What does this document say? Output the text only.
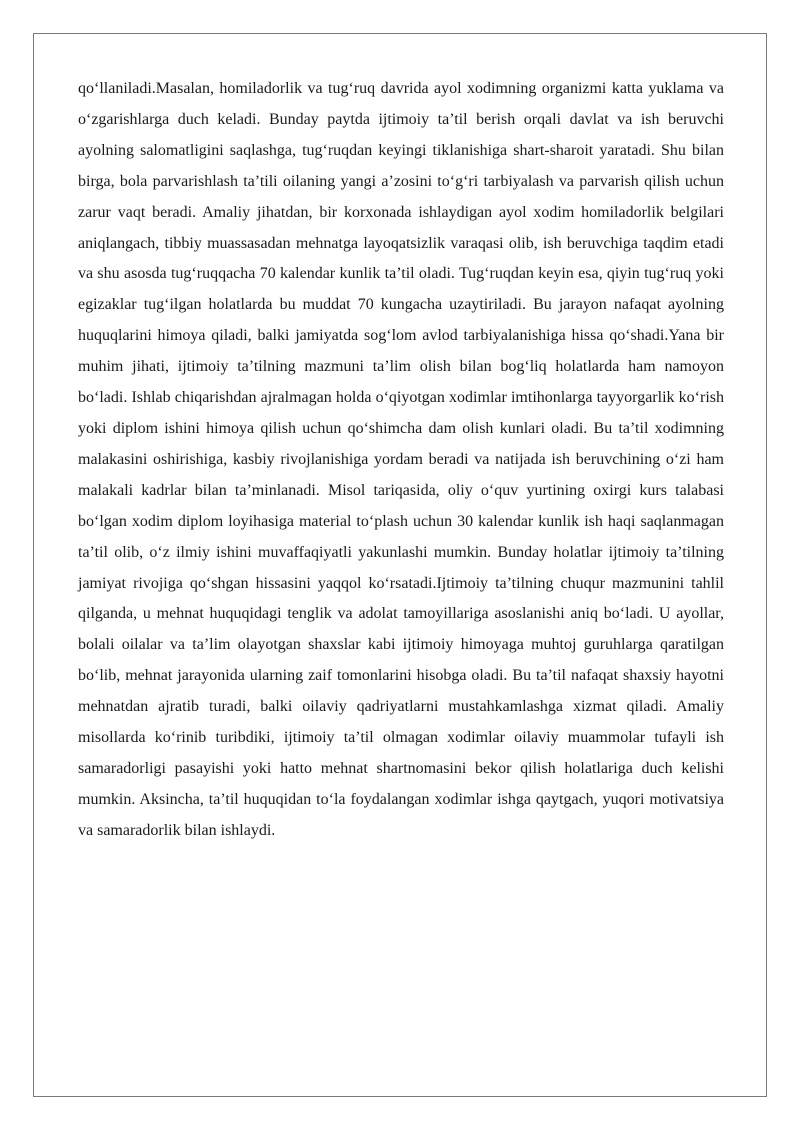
qo‘llaniladi.Masalan, homiladorlik va tug‘ruq davrida ayol xodimning organizmi katta yuklama va o‘zgarishlarga duch keladi. Bunday paytda ijtimoiy ta’til berish orqali davlat va ish beruvchi ayolning salomatligini saqlashga, tug‘ruqdan keyingi tiklanishiga shart-sharoit yaratadi. Shu bilan birga, bola parvarishlash ta’tili oilaning yangi a’zosini to‘g‘ri tarbiyalash va parvarish qilish uchun zarur vaqt beradi. Amaliy jihatdan, bir korxonada ishlaydigan ayol xodim homiladorlik belgilari aniqlangach, tibbiy muassasadan mehnatga layoqatsizlik varaqasi olib, ish beruvchiga taqdim etadi va shu asosda tug‘ruqqacha 70 kalendar kunlik ta’til oladi. Tug‘ruqdan keyin esa, qiyin tug‘ruq yoki egizaklar tug‘ilgan holatlarda bu muddat 70 kungacha uzaytiriladi. Bu jarayon nafaqat ayolning huquqlarini himoya qiladi, balki jamiyatda sog‘lom avlod tarbiyalanishiga hissa qo‘shadi.Yana bir muhim jihati, ijtimoiy ta’tilning mazmuni ta’lim olish bilan bog‘liq holatlarda ham namoyon bo‘ladi. Ishlab chiqarishdan ajralmagan holda o‘qiyotgan xodimlar imtihonlarga tayyorgarlik ko‘rish yoki diplom ishini himoya qilish uchun qo‘shimcha dam olish kunlari oladi. Bu ta’til xodimning malakasini oshirishiga, kasbiy rivojlanishiga yordam beradi va natijada ish beruvchining o‘zi ham malakali kadrlar bilan ta’minlanadi. Misol tariqasida, oliy o‘quv yurtining oxirgi kurs talabasi bo‘lgan xodim diplom loyihasiga material to‘plash uchun 30 kalendar kunlik ish haqi saqlanmagan ta’til olib, o‘z ilmiy ishini muvaffaqiyatli yakunlashi mumkin. Bunday holatlar ijtimoiy ta’tilning jamiyat rivojiga qo‘shgan hissasini yaqqol ko‘rsatadi.Ijtimoiy ta’tilning chuqur mazmunini tahlil qilganda, u mehnat huquqidagi tenglik va adolat tamoyillariga asoslanishi aniq bo‘ladi. U ayollar, bolali oilalar va ta’lim olayotgan shaxslar kabi ijtimoiy himoyaga muhtoj guruhlarga qaratilgan bo‘lib, mehnat jarayonida ularning zaif tomonlarini hisobga oladi. Bu ta’til nafaqat shaxsiy hayotni mehnatdan ajratib turadi, balki oilaviy qadriyatlarni mustahkamlashga xizmat qiladi. Amaliy misollarda ko‘rinib turibdiki, ijtimoiy ta’til olmagan xodimlar oilaviy muammolar tufayli ish samaradorligi pasayishi yoki hatto mehnat shartnomasini bekor qilish holatlariga duch kelishi mumkin. Aksincha, ta’til huquqidan to‘la foydalangan xodimlar ishga qaytgach, yuqori motivatsiya va samaradorlik bilan ishlaydi.
